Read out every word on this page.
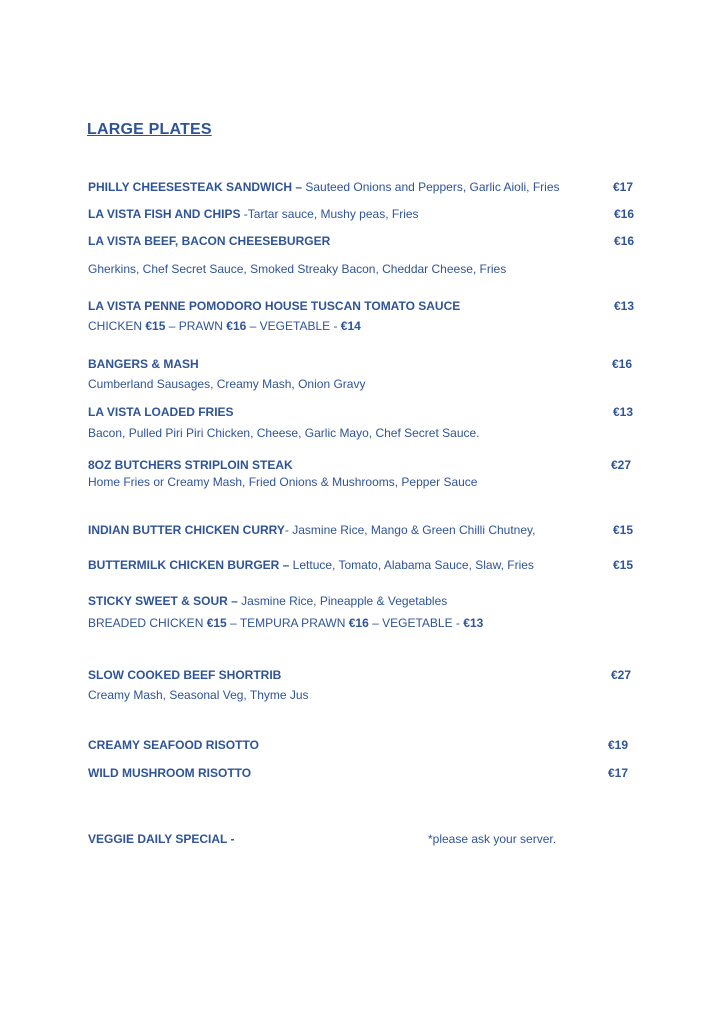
LARGE PLATES
PHILLY CHEESESTEAK SANDWICH – Sauteed Onions and Peppers, Garlic Aioli, Fries	€17
LA VISTA FISH AND CHIPS -Tartar sauce, Mushy peas, Fries	€16
LA VISTA BEEF, BACON CHEESEBURGER	€16
Gherkins, Chef Secret Sauce, Smoked Streaky Bacon, Cheddar Cheese, Fries
LA VISTA PENNE POMODORO HOUSE TUSCAN TOMATO SAUCE	€13
CHICKEN €15 – PRAWN €16 – VEGETABLE - €14
BANGERS & MASH	€16
Cumberland Sausages, Creamy Mash, Onion Gravy
LA VISTA LOADED FRIES	€13
Bacon, Pulled Piri Piri Chicken, Cheese, Garlic Mayo, Chef Secret Sauce.
8OZ BUTCHERS STRIPLOIN STEAK	€27
Home Fries or Creamy Mash, Fried Onions & Mushrooms, Pepper Sauce
INDIAN BUTTER CHICKEN CURRY- Jasmine Rice, Mango & Green Chilli Chutney,	€15
BUTTERMILK CHICKEN BURGER – Lettuce, Tomato, Alabama Sauce, Slaw, Fries	€15
STICKY SWEET & SOUR – Jasmine Rice, Pineapple & Vegetables
BREADED CHICKEN €15 – TEMPURA PRAWN €16 – VEGETABLE - €13
SLOW COOKED BEEF SHORTRIB	€27
Creamy Mash, Seasonal Veg, Thyme Jus
CREAMY SEAFOOD RISOTTO	€19
WILD MUSHROOM RISOTTO	€17
VEGGIE DAILY SPECIAL -	*please ask your server.
